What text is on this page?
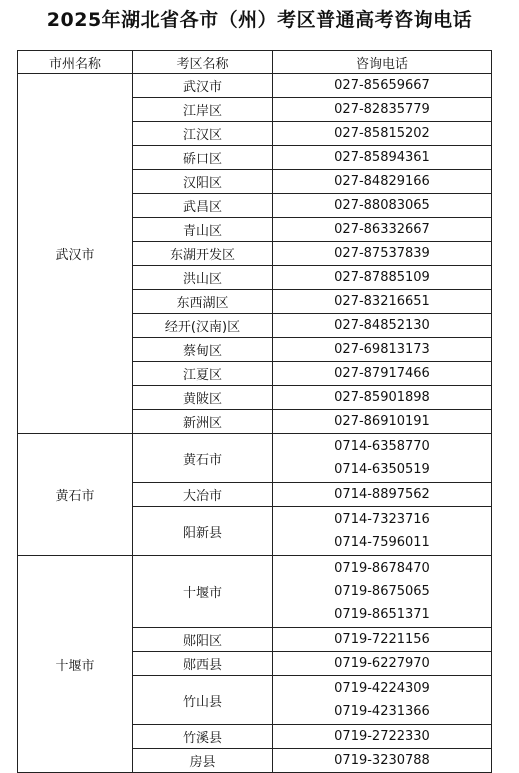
2025年湖北省各市（州）考区普通高考咨询电话
市州名称	考区名称	咨询电话
武汉市	武汉市	027-85659667

	江岸区	027-82835779

	江汉区	027-85815202

	硚口区	027-85894361

	汉阳区	027-84829166

	武昌区	027-88083065

	青山区	027-86332667

	东湖开发区	027-87537839

	洪山区	027-87885109

	东西湖区	027-83216651

	经开(汉南)区	027-84852130

	蔡甸区	027-69813173

	江夏区	027-87917466

	黄陂区	027-85901898

	新洲区	027-86910191

黄石市	黄石市	0714-6358770
0714-6350519

	大冶市	0714-8897562

	阳新县	0714-7323716
0714-7596011

十堰市	十堰市	0719-8678470
0719-8675065
0719-8651371

	郧阳区	0719-7221156

	郧西县	0719-6227970

	竹山县	0719-4224309
0719-4231366

	竹溪县	0719-2722330

	房县	0719-3230788
